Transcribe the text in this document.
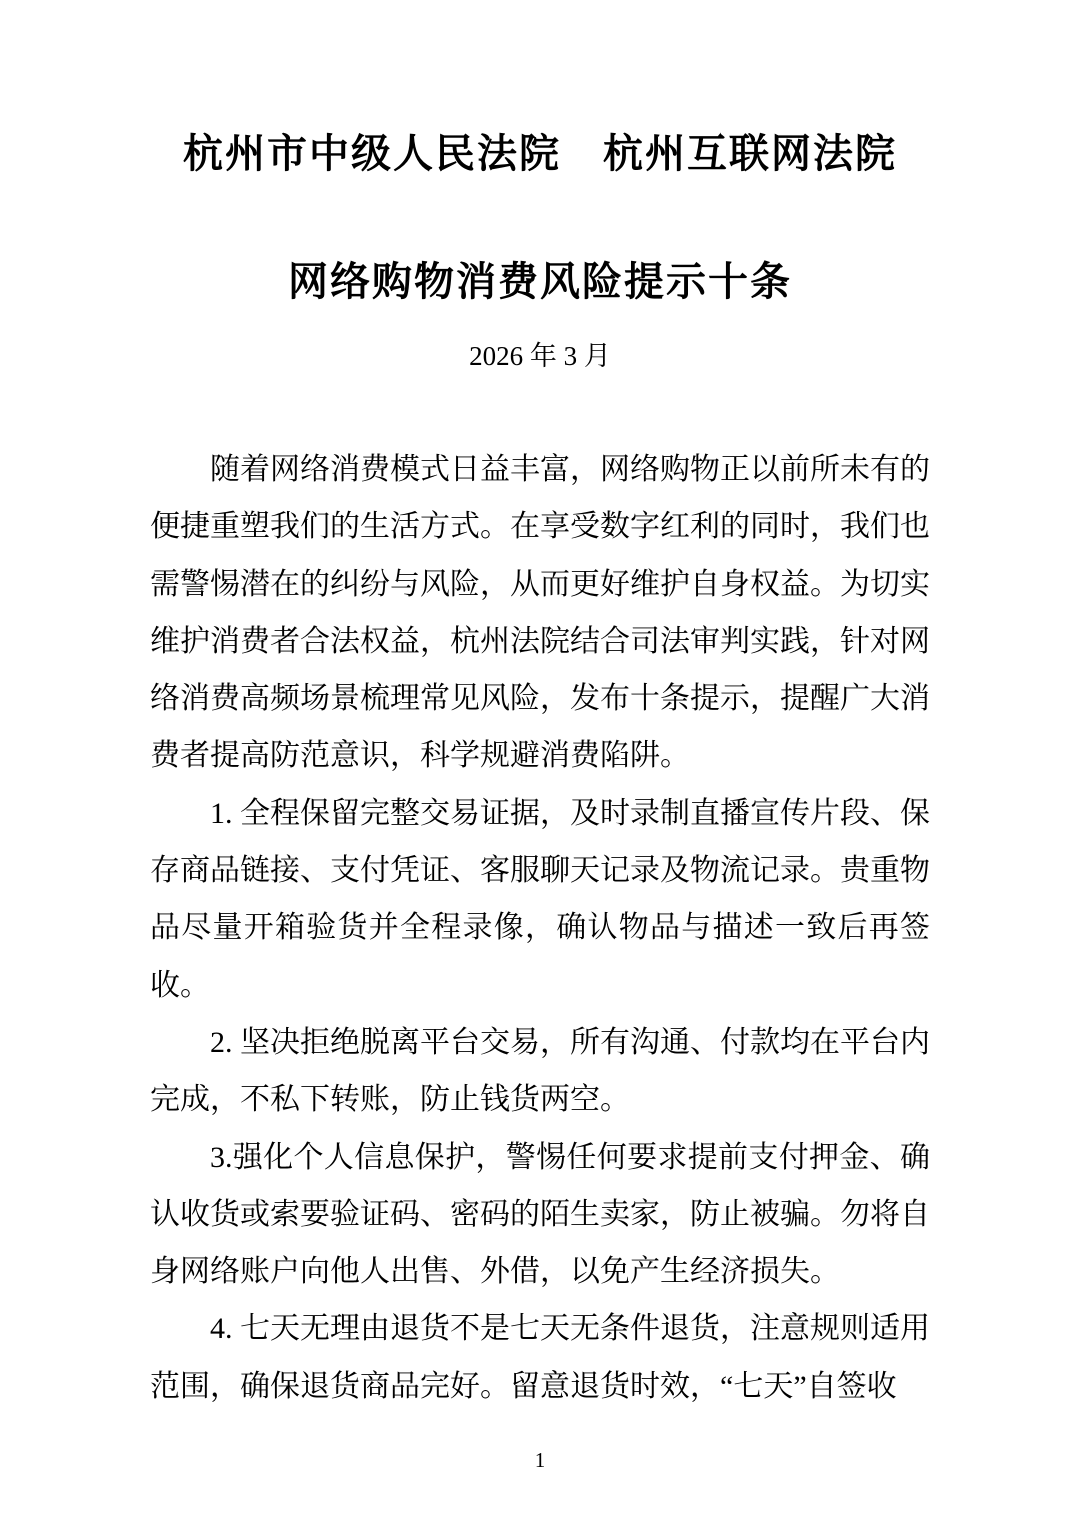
杭州市中级人民法院　杭州互联网法院
网络购物消费风险提示十条
2026 年 3 月

随着网络消费模式日益丰富，网络购物正以前所未有的便捷重塑我们的生活方式。在享受数字红利的同时，我们也需警惕潜在的纠纷与风险，从而更好维护自身权益。为切实维护消费者合法权益，杭州法院结合司法审判实践，针对网络消费高频场景梳理常见风险，发布十条提示，提醒广大消费者提高防范意识，科学规避消费陷阱。

1. 全程保留完整交易证据，及时录制直播宣传片段、保存商品链接、支付凭证、客服聊天记录及物流记录。贵重物品尽量开箱验货并全程录像，确认物品与描述一致后再签收。

2. 坚决拒绝脱离平台交易，所有沟通、付款均在平台内完成，不私下转账，防止钱货两空。

3.强化个人信息保护，警惕任何要求提前支付押金、确认收货或索要验证码、密码的陌生卖家，防止被骗。勿将自身网络账户向他人出售、外借，以免产生经济损失。

4. 七天无理由退货不是七天无条件退货，注意规则适用范围，确保退货商品完好。留意退货时效，“七天”自签收

1
